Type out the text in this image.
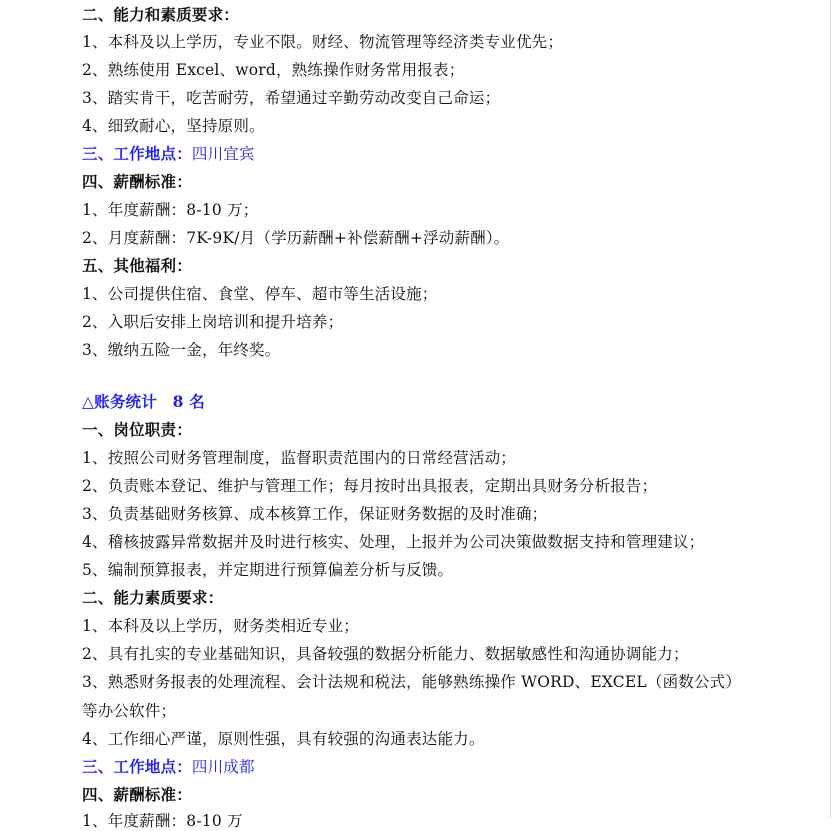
二、能力和素质要求：
1、本科及以上学历，专业不限。财经、物流管理等经济类专业优先；
2、熟练使用 Excel、word，熟练操作财务常用报表；
3、踏实肯干，吃苦耐劳，希望通过辛勤劳动改变自己命运；
4、细致耐心，坚持原则。
三、工作地点：四川宜宾
四、薪酬标准：
1、年度薪酬：8-10 万；
2、月度薪酬：7K-9K/月（学历薪酬+补偿薪酬+浮动薪酬）。
五、其他福利：
1、公司提供住宿、食堂、停车、超市等生活设施；
2、入职后安排上岗培训和提升培养；
3、缴纳五险一金，年终奖。
△账务统计　8 名
一、岗位职责：
1、按照公司财务管理制度，监督职责范围内的日常经营活动；
2、负责账本登记、维护与管理工作；每月按时出具报表，定期出具财务分析报告；
3、负责基础财务核算、成本核算工作，保证财务数据的及时准确；
4、稽核披露异常数据并及时进行核实、处理，上报并为公司决策做数据支持和管理建议；
5、编制预算报表，并定期进行预算偏差分析与反馈。
二、能力素质要求：
1、本科及以上学历，财务类相近专业；
2、具有扎实的专业基础知识，具备较强的数据分析能力、数据敏感性和沟通协调能力；
3、熟悉财务报表的处理流程、会计法规和税法，能够熟练操作 WORD、EXCEL（函数公式）
等办公软件；
4、工作细心严谨，原则性强，具有较强的沟通表达能力。
三、工作地点：四川成都
四、薪酬标准：
1、年度薪酬：8-10 万
